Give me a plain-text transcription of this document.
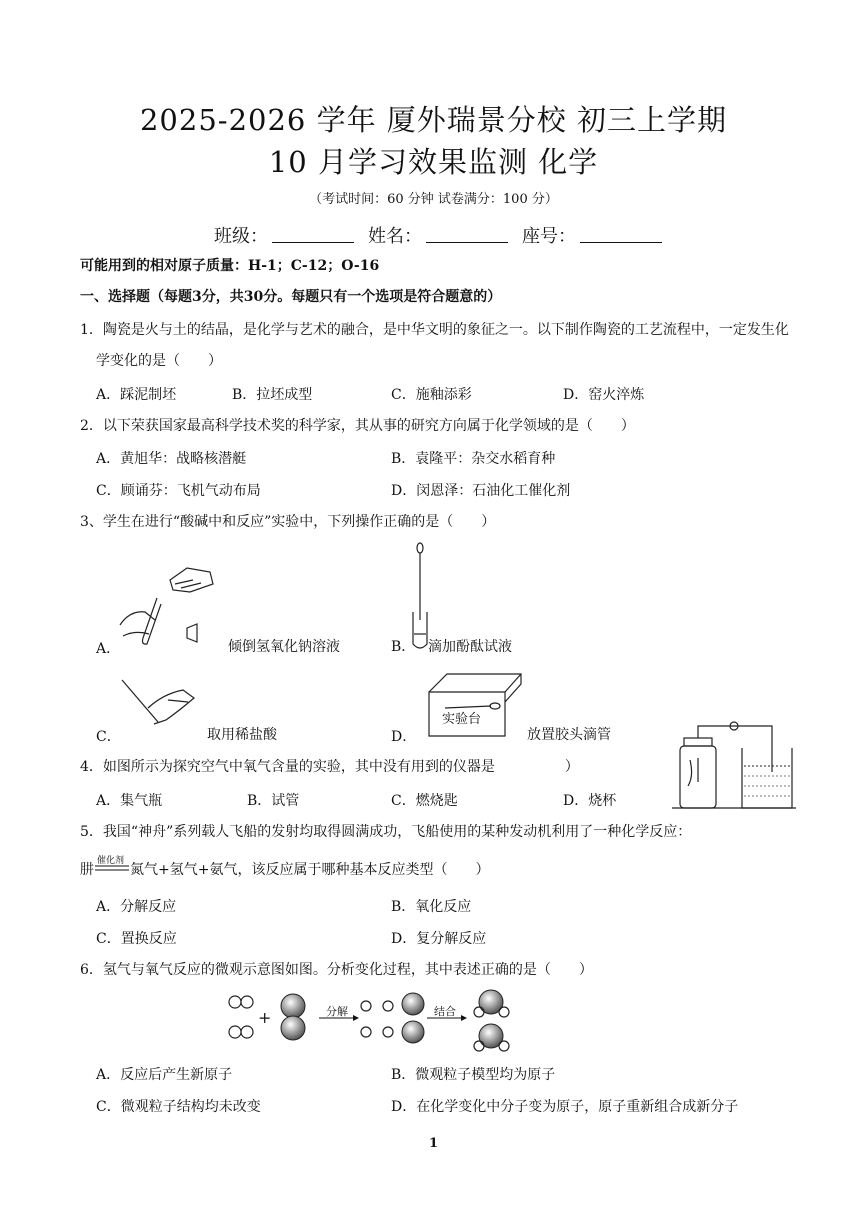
2025-2026 学年 厦外瑞景分校 初三上学期
10 月学习效果监测 化学
（考试时间：60 分钟 试卷满分：100 分）
班级：	姓名：	座号：
可能用到的相对原子质量：H-1；C-12；O-16
一、选择题（每题3分，共30分。每题只有一个选项是符合题意的）
1．陶瓷是火与土的结晶，是化学与艺术的融合，是中华文明的象征之一。以下制作陶瓷的工艺流程中，一定发生化
学变化的是（　　）
A．踩泥制坯	B．拉坯成型	C．施釉添彩	D．窑火淬炼
2．以下荣获国家最高科学技术奖的科学家，其从事的研究方向属于化学领域的是（　　）
A．黄旭华：战略核潜艇	B．袁隆平：杂交水稻育种
C．顾诵芬：飞机气动布局	D．闵恩泽：石油化工催化剂
3、学生在进行“酸碱中和反应”实验中，下列操作正确的是（　　）
A．	倾倒氢氧化钠溶液	B． 滴加酚酞试液
C．	取用稀盐酸
实验台
D．	放置胶头滴管
4．如图所示为探究空气中氧气含量的实验，其中没有用到的仪器是　　　　　）
A．集气瓶	B．试管	C．燃烧匙	D．烧杯
5．我国“神舟”系列载人飞船的发射均取得圆满成功，飞船使用的某种发动机利用了一种化学反应：
肼
催化剂
氮气+氢气+氨气，该反应属于哪种基本反应类型（　　）
A．分解反应	B．氧化反应
C．置换反应	D．复分解反应
6．氢气与氧气反应的微观示意图如图。分析变化过程，其中表述正确的是（　　）
+	分解	结合
A．反应后产生新原子	B．微观粒子模型均为原子
C．微观粒子结构均未改变	D．在化学变化中分子变为原子，原子重新组合成新分子
1
